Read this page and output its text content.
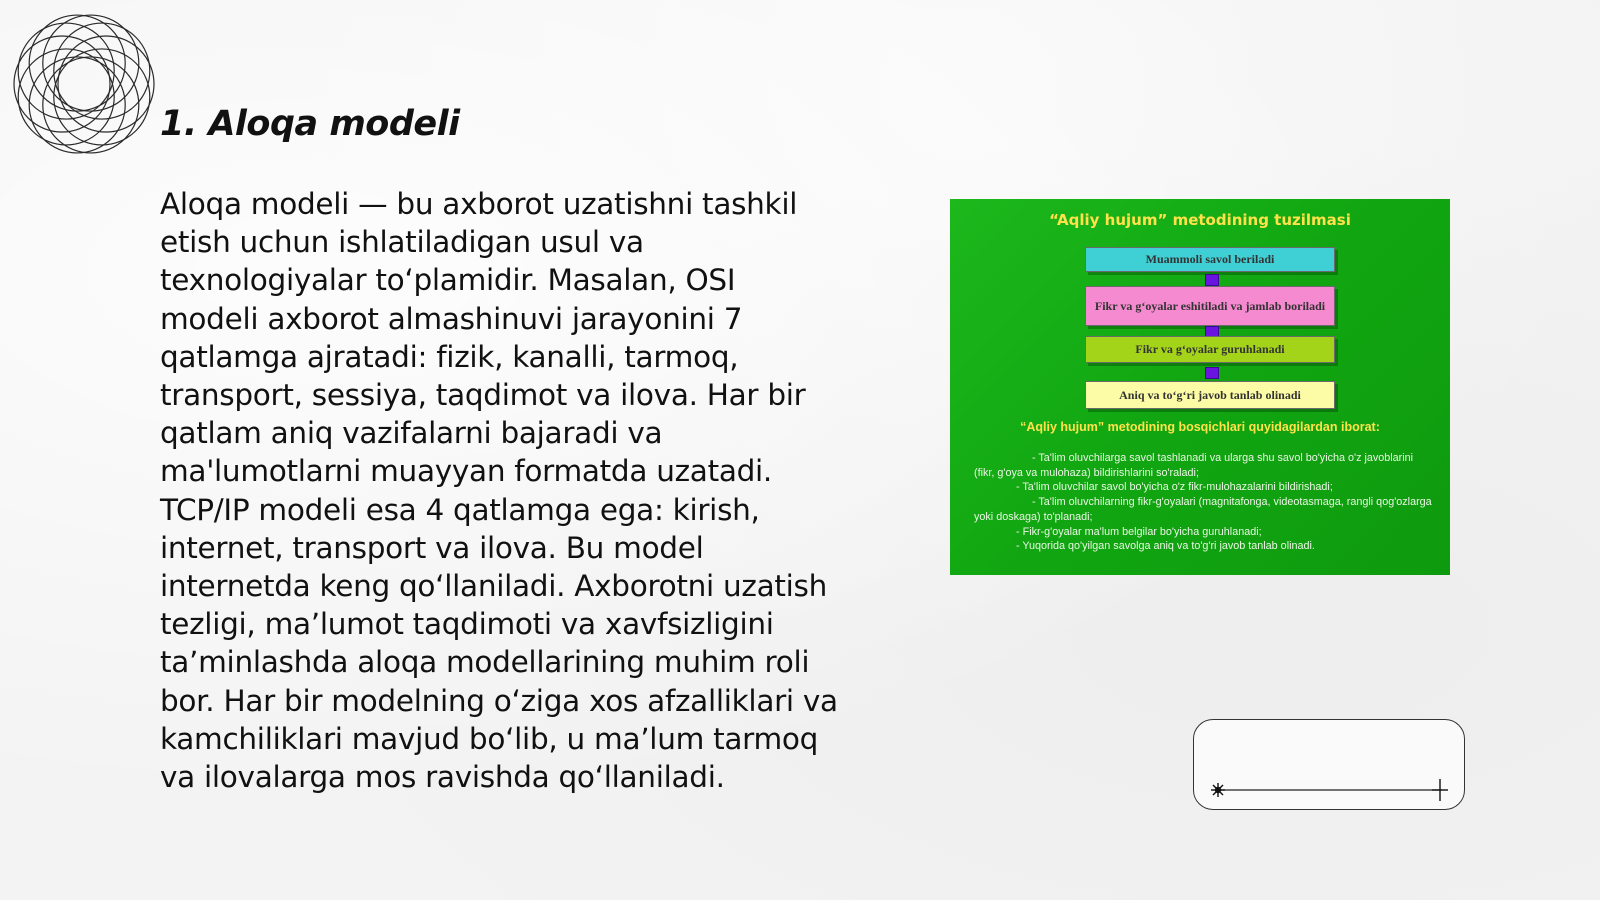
1. Aloqa modeli

Aloqa modeli — bu axborot uzatishni tashkil etish uchun ishlatiladigan usul va texnologiyalar to‘plamidir. Masalan, OSI modeli axborot almashinuvi jarayonini 7 qatlamga ajratadi: fizik, kanalli, tarmoq, transport, sessiya, taqdimot va ilova. Har bir qatlam aniq vazifalarni bajaradi va ma'lumotlarni muayyan formatda uzatadi. TCP/IP modeli esa 4 qatlamga ega: kirish, internet, transport va ilova. Bu model internetda keng qo‘llaniladi. Axborotni uzatish tezligi, ma’lumot taqdimoti va xavfsizligini ta’minlashda aloqa modellarining muhim roli bor. Har bir modelning o‘ziga xos afzalliklari va kamchiliklari mavjud bo‘lib, u ma’lum tarmoq va ilovalarga mos ravishda qo‘llaniladi.

“Aqliy hujum” metodining tuzilmasi
Muammoli savol beriladi
Fikr va g‘oyalar eshitiladi va jamlab boriladi
Fikr va g‘oyalar guruhlanadi
Aniq va to‘g‘ri javob tanlab olinadi
“Aqliy hujum” metodining bosqichlari quyidagilardan iborat:
- Ta'lim oluvchilarga savol tashlanadi va ularga shu savol bo'yicha o'z javoblarini (fikr, g'oya va mulohaza) bildirishlarini so'raladi;
- Ta'lim oluvchilar savol bo'yicha o'z fikr-mulohazalarini bildirishadi;
- Ta'lim oluvchilarning fikr-g'oyalari (magnitafonga, videotasmaga, rangli qog'ozlarga yoki doskaga) to'planadi;
- Fikr-g'oyalar ma'lum belgilar bo'yicha guruhlanadi;
- Yuqorida qo'yilgan savolga aniq va to'g'ri javob tanlab olinadi.
